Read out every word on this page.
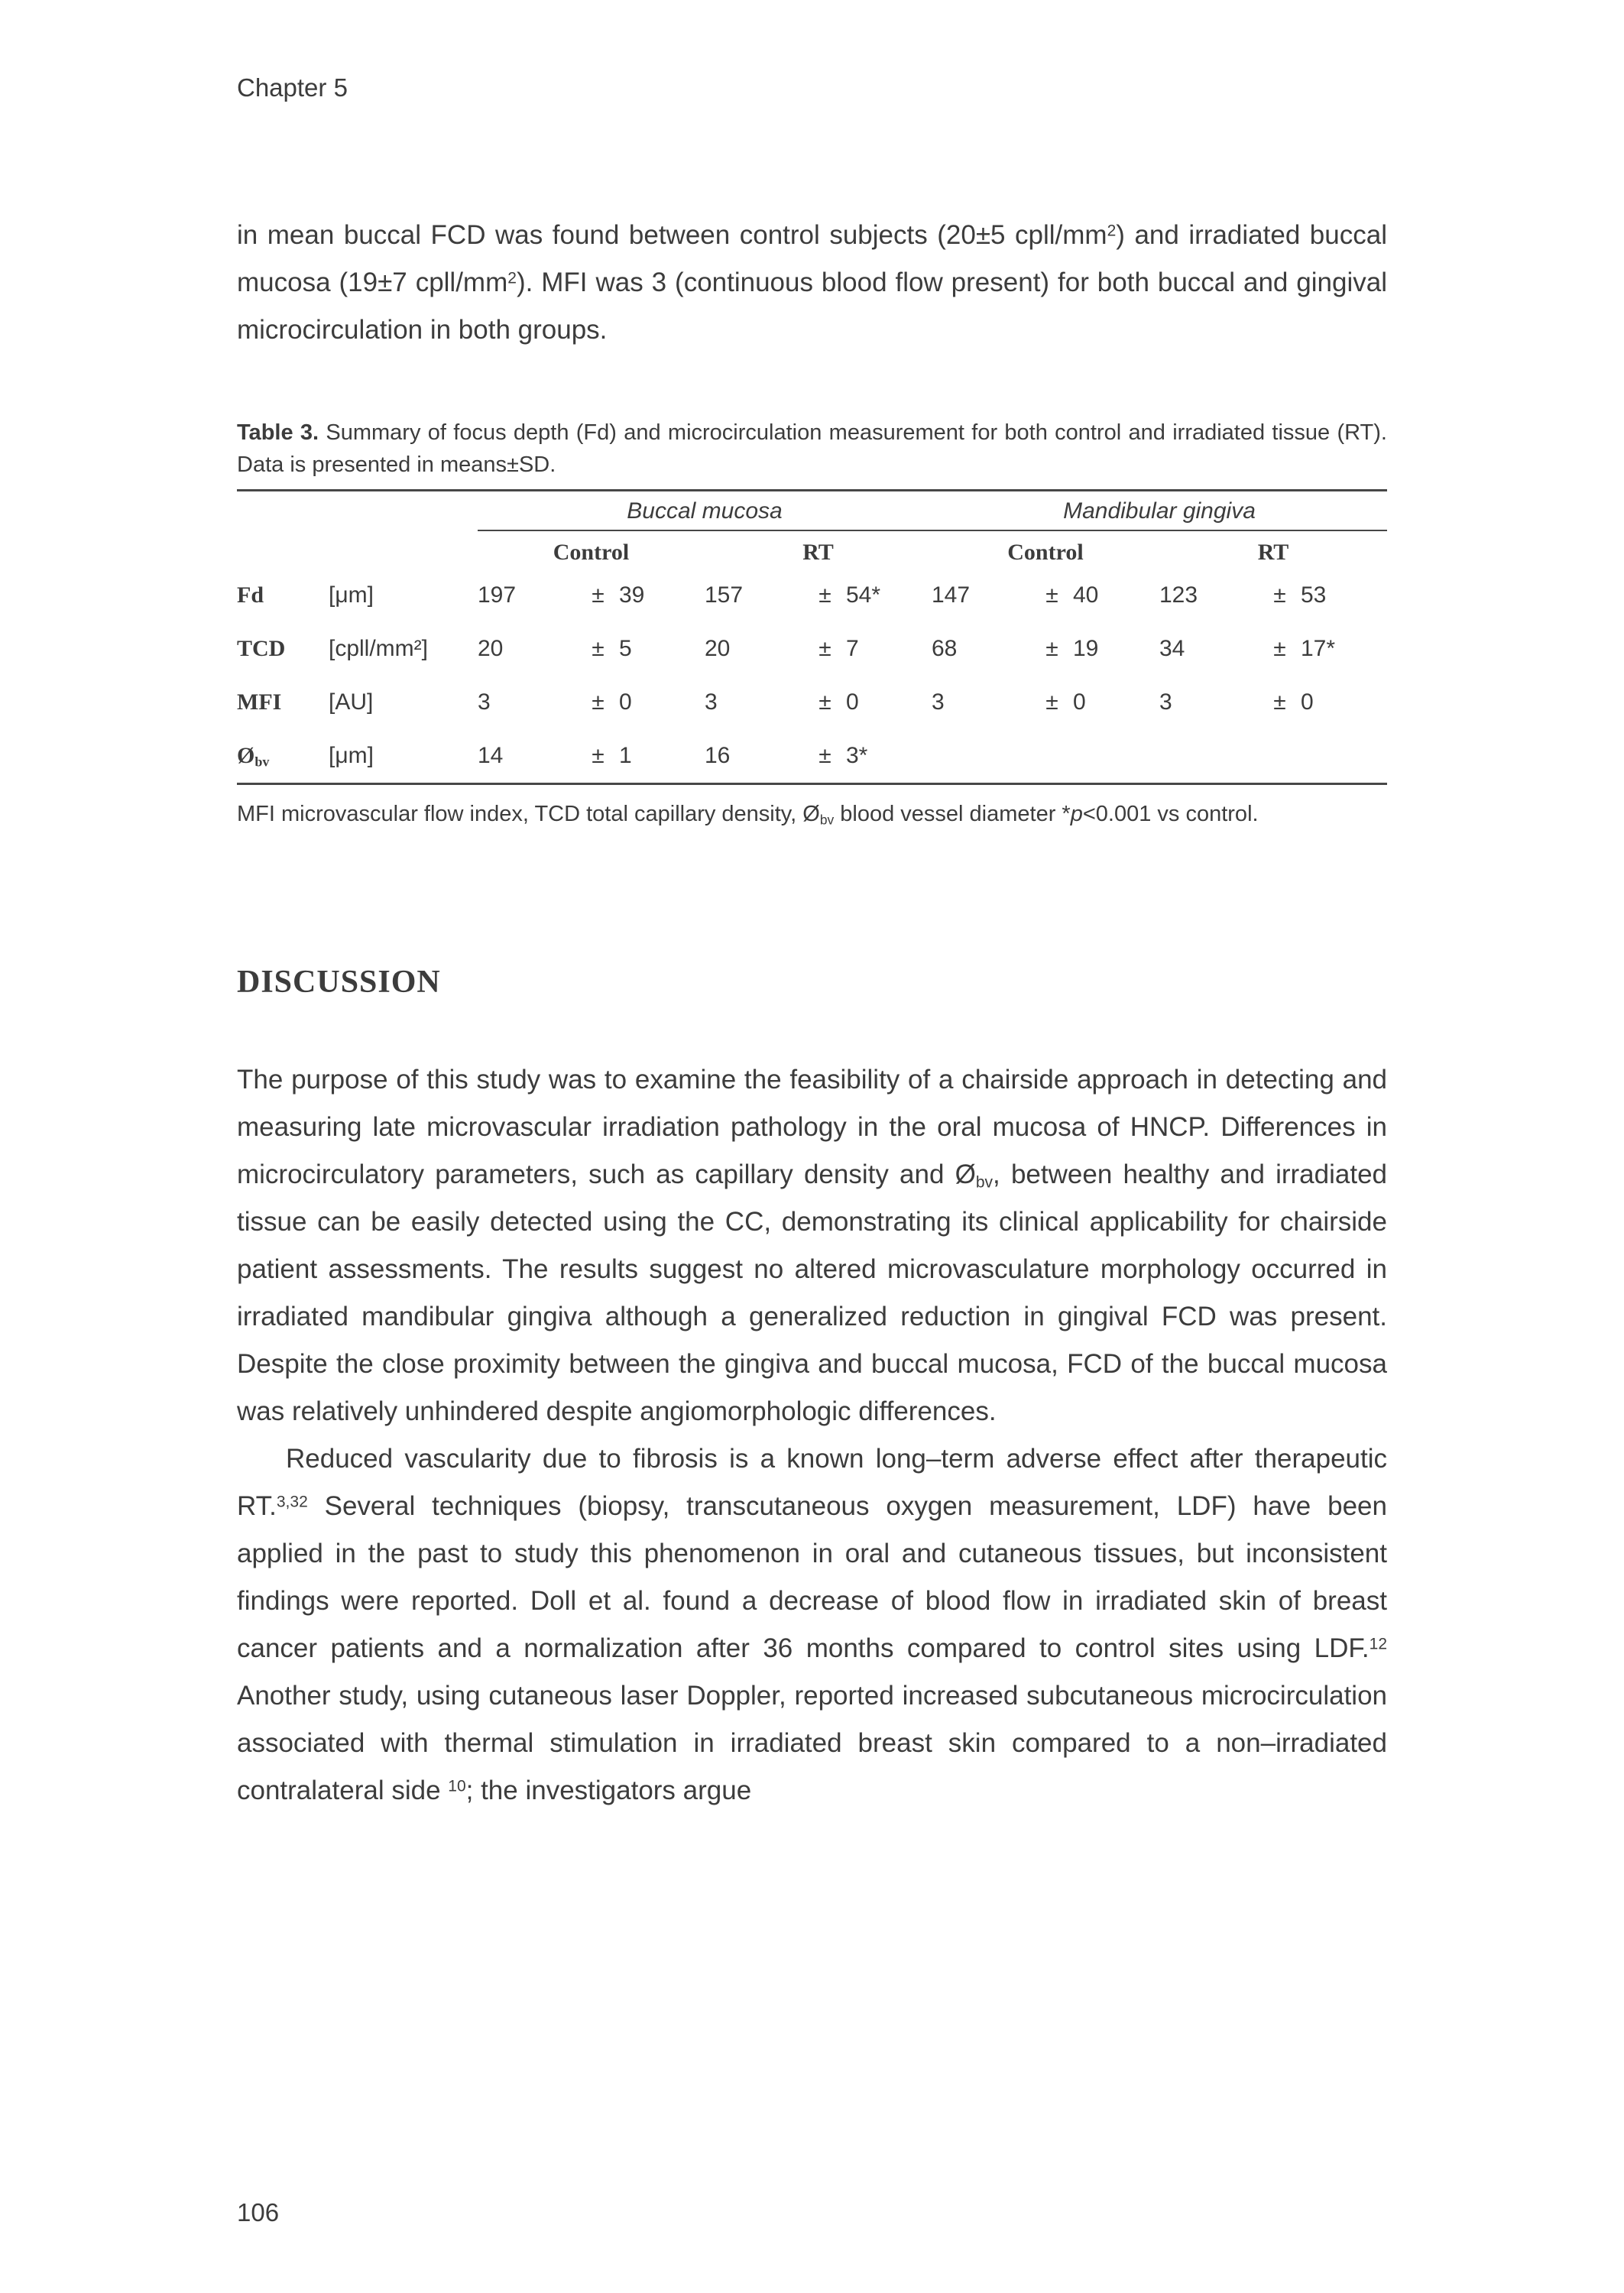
Chapter 5

in mean buccal FCD was found between control subjects (20±5 cpll/$mm^2$) and irradiated buccal mucosa (19±7 cpll/$mm^2$). MFI was 3 (continuous blood flow present) for both buccal and gingival microcirculation in both groups.

Table 3. Summary of focus depth (Fd) and microcirculation measurement for both control and irradiated tissue (RT). Data is presented in means±SD.

		Buccal mucosa						Mandibular gingiva					
		Control			RT			Control			RT		
Fd	[μm]	197	±	39	157	±	54*	147	±	40	123	±	53
TCD	[cpll/mm²]	20	±	5	20	±	7	68	±	19	34	±	17*
MFI	[AU]	3	±	0	3	±	0	3	±	0	3	±	0
$Ø_{bv}$	[μm]	14	±	1	16	±	3*						

MFI microvascular flow index, TCD total capillary density, $Ø_{bv}$ blood vessel diameter *p<0.001 vs control.

DISCUSSION

The purpose of this study was to examine the feasibility of a chairside approach in detecting and measuring late microvascular irradiation pathology in the oral mucosa of HNCP. Differences in microcirculatory parameters, such as capillary density and $Ø_{bv}$, between healthy and irradiated tissue can be easily detected using the CC, demonstrating its clinical applicability for chairside patient assessments. The results suggest no altered microvasculature morphology occurred in irradiated mandibular gingiva although a generalized reduction in gingival FCD was present. Despite the close proximity between the gingiva and buccal mucosa, FCD of the buccal mucosa was relatively unhindered despite angiomorphologic differences.

Reduced vascularity due to fibrosis is a known long–term adverse effect after therapeutic RT.$^{3,32}$ Several techniques (biopsy, transcutaneous oxygen measurement, LDF) have been applied in the past to study this phenomenon in oral and cutaneous tissues, but inconsistent findings were reported. Doll et al. found a decrease of blood flow in irradiated skin of breast cancer patients and a normalization after 36 months compared to control sites using LDF.$^{12}$ Another study, using cutaneous laser Doppler, reported increased subcutaneous microcirculation associated with thermal stimulation in irradiated breast skin compared to a non–irradiated contralateral side $^{10}$; the investigators argue

106
